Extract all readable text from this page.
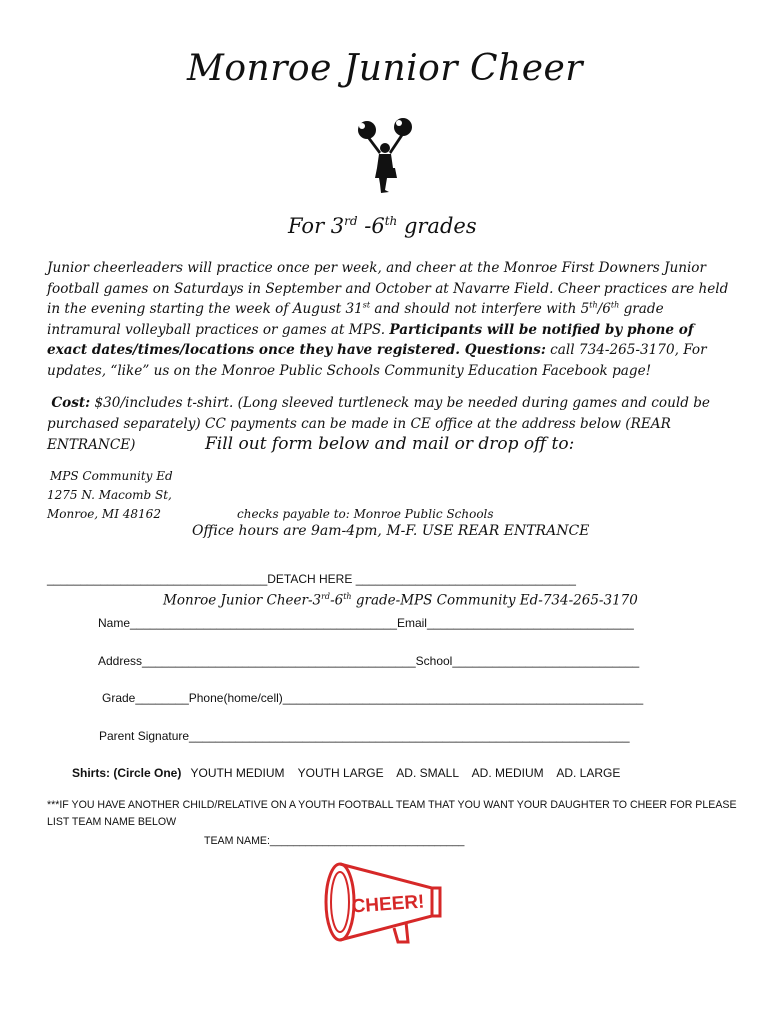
Monroe Junior Cheer
For 3rd -6th grades
Junior cheerleaders will practice once per week, and cheer at the Monroe First Downers Junior football games on Saturdays in September and October at Navarre Field. Cheer practices are held in the evening starting the week of August 31st and should not interfere with 5th/6th grade intramural volleyball practices or games at MPS. Participants will be notified by phone of exact dates/times/locations once they have registered. Questions: call 734-265-3170, For updates, “like” us on the Monroe Public Schools Community Education Facebook page!
Cost: $30/includes t-shirt. (Long sleeved turtleneck may be needed during games and could be purchased separately) CC payments can be made in CE office at the address below (REAR ENTRANCE)	Fill out form below and mail or drop off to:
MPS Community Ed
1275 N. Macomb St,
Monroe, MI 48162	checks payable to: Monroe Public Schools
Office hours are 9am-4pm, M-F. USE REAR ENTRANCE
_________________________________DETACH HERE _________________________________
Monroe Junior Cheer-3rd-6th grade-MPS Community Ed-734-265-3170
Name________________________________________Email_______________________________
Address_________________________________________School____________________________
Grade________Phone(home/cell)______________________________________________________
Parent Signature__________________________________________________________________
Shirts: (Circle One) YOUTH MEDIUM YOUTH LARGE AD. SMALL AD. MEDIUM AD. LARGE
***IF YOU HAVE ANOTHER CHILD/RELATIVE ON A YOUTH FOOTBALL TEAM THAT YOU WANT YOUR DAUGHTER TO CHEER FOR PLEASE LIST TEAM NAME BELOW
TEAM NAME:_________________________________
CHEER!
